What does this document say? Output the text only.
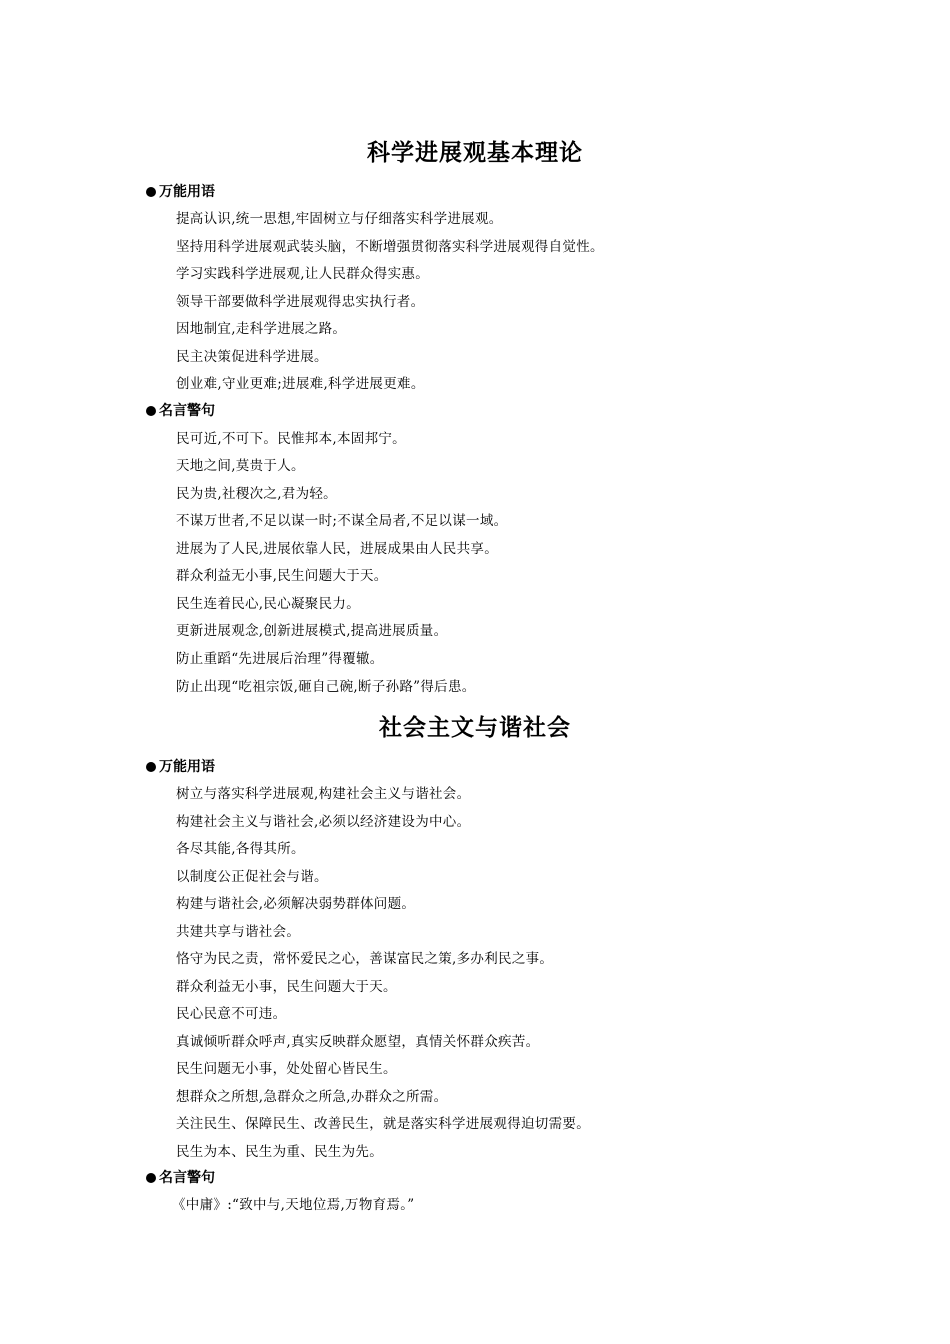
科学进展观基本理论
万能用语
提高认识,统一思想,牢固树立与仔细落实科学进展观。
坚持用科学进展观武装头脑，不断增强贯彻落实科学进展观得自觉性。
学习实践科学进展观,让人民群众得实惠。
领导干部要做科学进展观得忠实执行者。
因地制宜,走科学进展之路。
民主决策促进科学进展。
创业难,守业更难;进展难,科学进展更难。
名言警句
民可近,不可下。民惟邦本,本固邦宁。
天地之间,莫贵于人。
民为贵,社稷次之,君为轻。
不谋万世者,不足以谋一时;不谋全局者,不足以谋一域。
进展为了人民,进展依靠人民，进展成果由人民共享。
群众利益无小事,民生问题大于天。
民生连着民心,民心凝聚民力。
更新进展观念,创新进展模式,提高进展质量。
防止重蹈“先进展后治理”得覆辙。
防止出现“吃祖宗饭,砸自己碗,断子孙路”得后患。
社会主文与谐社会
万能用语
树立与落实科学进展观,构建社会主义与谐社会。
构建社会主义与谐社会,必须以经济建设为中心。
各尽其能,各得其所。
以制度公正促社会与谐。
构建与谐社会,必须解决弱势群体问题。
共建共享与谐社会。
恪守为民之责，常怀爱民之心，善谋富民之策,多办利民之事。
群众利益无小事，民生问题大于天。
民心民意不可违。
真诚倾听群众呼声,真实反映群众愿望，真情关怀群众疾苦。
民生问题无小事，处处留心皆民生。
想群众之所想,急群众之所急,办群众之所需。
关注民生、保障民生、改善民生，就是落实科学进展观得迫切需要。
民生为本、民生为重、民生为先。
名言警句
《中庸》:“致中与,天地位焉,万物育焉。”
